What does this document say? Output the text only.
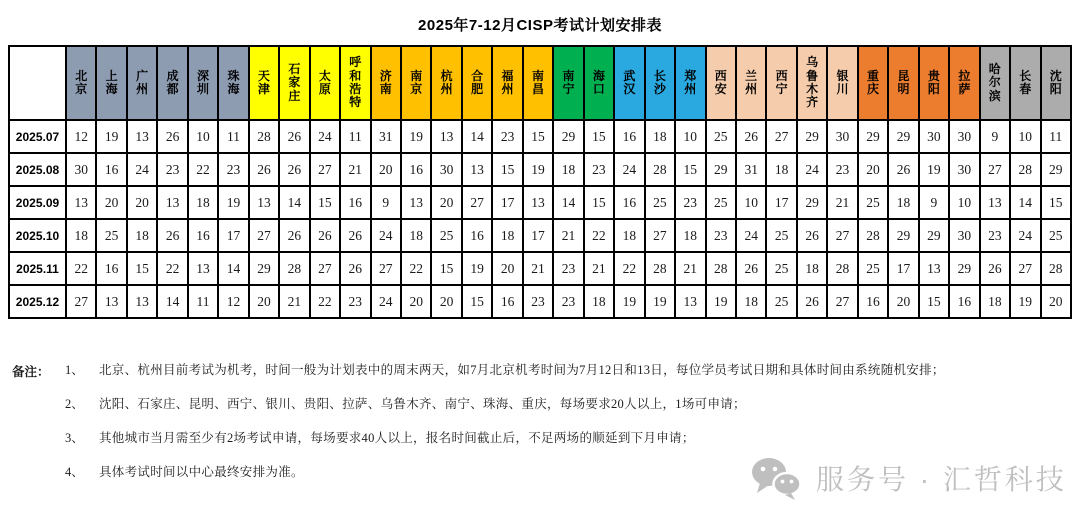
2025年7-12月CISP考试计划安排表
	北京	上海	广州	成都	深圳	珠海	天津	石家庄	太原	呼和浩特	济南	南京	杭州	合肥	福州	南昌	南宁	海口	武汉	长沙	郑州	西安	兰州	西宁	乌鲁木齐	银川	重庆	昆明	贵阳	拉萨	哈尔滨	长春	沈阳
2025.07	12	19	13	26	10	11	28	26	24	11	31	19	13	14	23	15	29	15	16	18	10	25	26	27	29	30	29	29	30	30	9	10	11
2025.08	30	16	24	23	22	23	26	26	27	21	20	16	30	13	15	19	18	23	24	28	15	29	31	18	24	23	20	26	19	30	27	28	29
2025.09	13	20	20	13	18	19	13	14	15	16	9	13	20	27	17	13	14	15	16	25	23	25	10	17	29	21	25	18	9	10	13	14	15
2025.10	18	25	18	26	16	17	27	26	26	26	24	18	25	16	18	17	21	22	18	27	18	23	24	25	26	27	28	29	29	30	23	24	25
2025.11	22	16	15	22	13	14	29	28	27	26	27	22	15	19	20	21	23	21	22	28	21	28	26	25	18	28	25	17	13	29	26	27	28
2025.12	27	13	13	14	11	12	20	21	22	23	24	20	20	15	16	23	23	18	19	19	13	19	18	25	26	27	16	20	15	16	18	19	20
备注： 1、	北京、杭州目前考试为机考，时间一般为计划表中的周末两天，如7月北京机考时间为7月12日和13日，每位学员考试日期和具体时间由系统随机安排；
2、	沈阳、石家庄、昆明、西宁、银川、贵阳、拉萨、乌鲁木齐、南宁、珠海、重庆，每场要求20人以上，1场可申请；
3、	其他城市当月需至少有2场考试申请，每场要求40人以上，报名时间截止后，不足两场的顺延到下月申请；
4、	具体考试时间以中心最终安排为准。	服务号 · 汇哲科技
